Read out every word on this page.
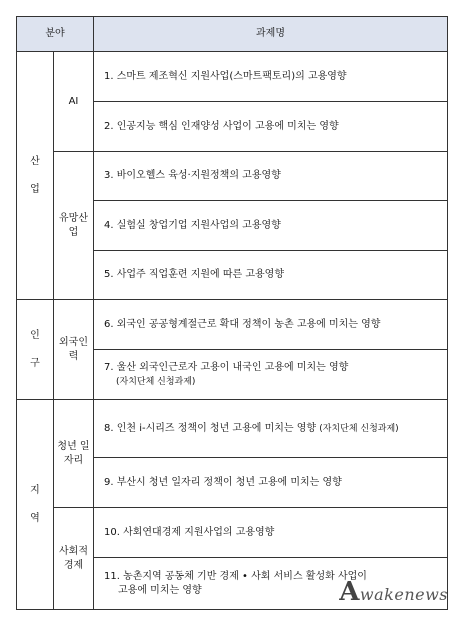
분야	과제명
산
업
인
구
지
역
AI
유망산
업
외국인
력
청년 일
자리
사회적
경제
1. 스마트 제조혁신 지원사업(스마트팩토리)의 고용영향
2. 인공지능 핵심 인재양성 사업이 고용에 미치는 영향
3. 바이오헬스 육성·지원정책의 고용영향
4. 실험실 창업기업 지원사업의 고용영향
5. 사업주 직업훈련 지원에 따른 고용영향
6. 외국인 공공형계절근로 확대 정책이 농촌 고용에 미치는 영향
7. 울산 외국인근로자 고용이 내국인 고용에 미치는 영향
(자치단체 신청과제)
8. 인천 i-시리즈 정책이 청년 고용에 미치는 영향 (자치단체 신청과제)
9. 부산시 청년 일자리 정책이 청년 고용에 미치는 영향
10. 사회연대경제 지원사업의 고용영향
11. 농촌지역 공동체 기반 경제 • 사회 서비스 활성화 사업이
고용에 미치는 영향	Awakenews
